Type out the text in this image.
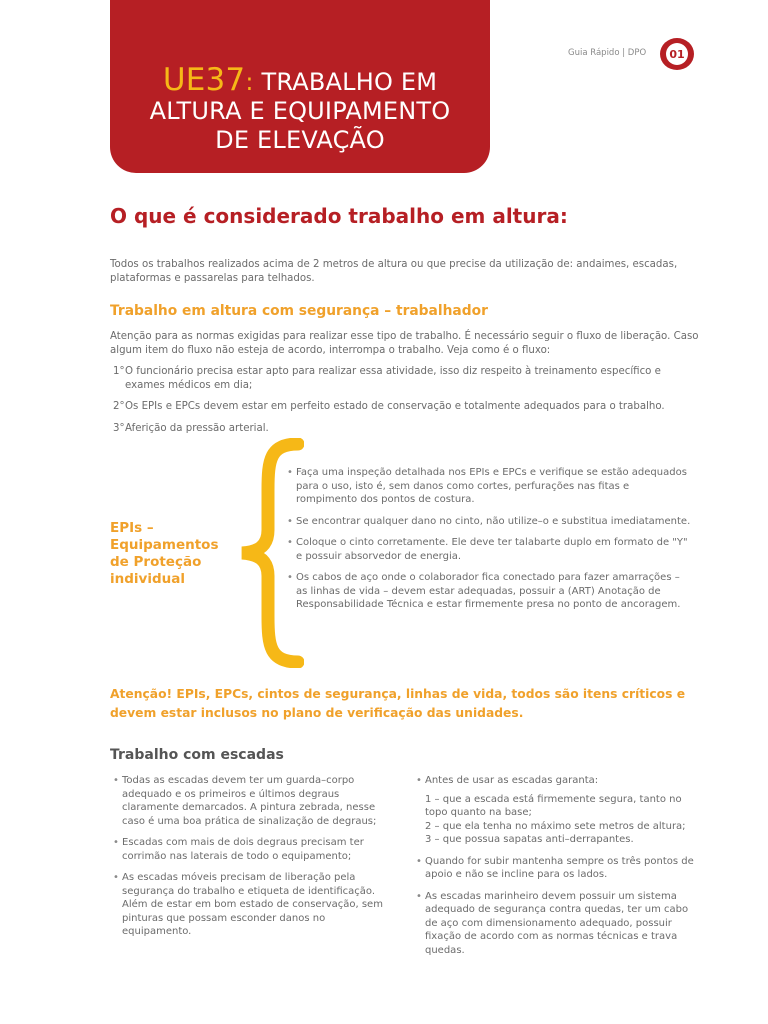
UE37: TRABALHO EM
ALTURA E EQUIPAMENTO
DE ELEVAÇÃO
Guia Rápido | DPO	01
O que é considerado trabalho em altura:

Todos os trabalhos realizados acima de 2 metros de altura ou que precise da utilização de: andaimes, escadas, plataformas e passarelas para telhados.

Trabalho em altura com segurança – trabalhador

Atenção para as normas exigidas para realizar esse tipo de trabalho. É necessário seguir o fluxo de liberação. Caso algum item do fluxo não esteja de acordo, interrompa o trabalho. Veja como é o fluxo:

1° O funcionário precisa estar apto para realizar essa atividade, isso diz respeito à treinamento específico e exames médicos em dia;
2° Os EPIs e EPCs devem estar em perfeito estado de conservação e totalmente adequados para o trabalho.
3° Aferição da pressão arterial.
EPIs – Equipamentos de Proteção individual
• Faça uma inspeção detalhada nos EPIs e EPCs e verifique se estão adequados para o uso, isto é, sem danos como cortes, perfurações nas fitas e rompimento dos pontos de costura.
• Se encontrar qualquer dano no cinto, não utilize–o e substitua imediatamente.
• Coloque o cinto corretamente. Ele deve ter talabarte duplo em formato de "Y" e possuir absorvedor de energia.
• Os cabos de aço onde o colaborador fica conectado para fazer amarrações – as linhas de vida – devem estar adequadas, possuir a (ART) Anotação de Responsabilidade Técnica e estar firmemente presa no ponto de ancoragem.

Atenção! EPIs, EPCs, cintos de segurança, linhas de vida, todos são itens críticos e devem estar inclusos no plano de verificação das unidades.

Trabalho com escadas
• Todas as escadas devem ter um guarda–corpo adequado e os primeiros e últimos degraus claramente demarcados. A pintura zebrada, nesse caso é uma boa prática de sinalização de degraus;
• Escadas com mais de dois degraus precisam ter corrimão nas laterais de todo o equipamento;
• As escadas móveis precisam de liberação pela segurança do trabalho e etiqueta de identificação. Além de estar em bom estado de conservação, sem pinturas que possam esconder danos no equipamento.
• Antes de usar as escadas garanta:
1 – que a escada está firmemente segura, tanto no topo quanto na base;
2 – que ela tenha no máximo sete metros de altura;
3 – que possua sapatas anti–derrapantes.
• Quando for subir mantenha sempre os três pontos de apoio e não se incline para os lados.
• As escadas marinheiro devem possuir um sistema adequado de segurança contra quedas, ter um cabo de aço com dimensionamento adequado, possuir fixação de acordo com as normas técnicas e trava quedas.
